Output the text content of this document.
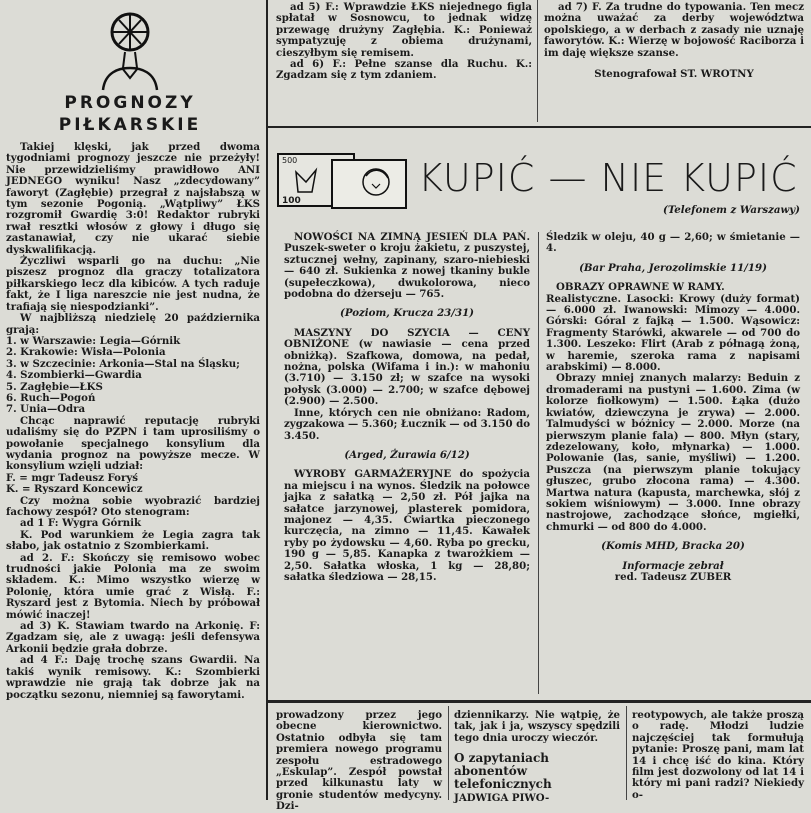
PROGNOZY
PIŁKARSKIE

Takiej klęski, jak przed dwoma tygodniami prognozy jeszcze nie przeżyły! Nie przewidzieliśmy prawidłowo ANI JEDNEGO wyniku! Nasz „zdecydowany” faworyt (Zagłębie) przegrał z najsłabszą w tym sezonie Pogonią. „Wątpliwy” ŁKS rozgromił Gwardię 3:0! Redaktor rubryki rwał resztki włosów z głowy i długo się zastanawiał, czy nie ukarać siebie dyskwalifikacją.

Życzliwi wsparli go na duchu: „Nie piszesz prognoz dla graczy totalizatora piłkarskiego lecz dla kibiców. A tych raduje fakt, że I liga nareszcie nie jest nudna, że trafiają się niespodzianki”.

W najbliższą niedzielę 20 października grają:

1. w Warszawie: Legia—Górnik

2. Krakowie: Wisła—Polonia

3. w Szczecinie: Arkonia—Stal na Śląsku;

4. Szombierki—Gwardia

5. Zagłębie—ŁKS

6. Ruch—Pogoń

7. Unia—Odra

Chcąc naprawić reputację rubryki udaliśmy się do PZPN i tam uprosiliśmy o powołanie specjalnego konsylium dla wydania prognoz na powyższe mecze. W konsylium wzięli udział:

F. = mgr Tadeusz Foryś

K. = Ryszard Koncewicz

Czy można sobie wyobrazić bardziej fachowy zespół? Oto stenogram:

ad 1 F: Wygra Górnik

K. Pod warunkiem że Legia zagra tak słabo, jak ostatnio z Szombierkami.

ad 2. F.: Skończy się remisowo wobec trudności jakie Polonia ma ze swoim składem. K.: Mimo wszystko wierzę w Polonię, która umie grać z Wisłą. F.: Ryszard jest z Bytomia. Niech by próbował mówić inaczej!

ad 3) K. Stawiam twardo na Arkonię. F: Zgadzam się, ale z uwagą: jeśli defensywa Arkonii będzie grała dobrze.

ad 4 F.: Daję trochę szans Gwardii. Na takiś wynik remisowy. K.: Szombierki wprawdzie nie grają tak dobrze jak na początku sezonu, niemniej są faworytami.

ad 5) F.: Wprawdzie ŁKS niejednego figla spłatał w Sosnowcu, to jednak widzę przewagę drużyny Zagłębia. K.: Ponieważ sympatyzuję z obiema drużynami, cieszyłbym się remisem.

ad 6) F.: Pełne szanse dla Ruchu. K.: Zgadzam się z tym zdaniem.

ad 7) F. Za trudne do typowania. Ten mecz można uważać za derby województwa opolskiego, a w derbach z zasady nie uznaję faworytów. K.: Wierzę w bojowość Raciborza i im daję większe szanse.

Stenografował ST. WROTNY

500
100
KUPIĆ — NIE KUPIĆ
(Telefonem z Warszawy)

NOWOŚCI NA ZIMNĄ JESIEŃ DLA PAŃ. Puszek-sweter o kroju żakietu, z puszystej, sztucznej wełny, zapinany, szaro-niebieski — 640 zł. Sukienka z nowej tkaniny bukle (supełeczkowa), dwukolorowa, nieco podobna do dżerseju — 765.

(Poziom, Krucza 23/31)

MASZYNY DO SZYCIA — CENY OBNIŻONE (w nawiasie — cena przed obniżką). Szafkowa, domowa, na pedał, nożna, polska (Wifama i in.): w mahoniu (3.710) — 3.150 zł; w szafce na wysoki połysk (3.000) — 2.700; w szafce dębowej (2.900) — 2.500.

Inne, których cen nie obniżano: Radom, zygzakowa — 5.360; Łucznik — od 3.150 do 3.450.

(Arged, Żurawia 6/12)

WYROBY GARMAŻERYJNE do spożycia na miejscu i na wynos. Śledzik na połowce jajka z sałatką — 2,50 zł. Pół jajka na sałatce jarzynowej, plasterek pomidora, majonez — 4,35. Ćwiartka pieczonego kurczęcia, na zimno — 11,45. Kawałek ryby po żydowsku — 4,60. Ryba po grecku, 190 g — 5,85. Kanapka z twarożkiem — 2,50. Sałatka włoska, 1 kg — 28,80; sałatka śledziowa — 28,15.

Śledzik w oleju, 40 g — 2,60; w śmietanie — 4.

(Bar Praha, Jerozolimskie 11/19)

OBRAZY OPRAWNE W RAMY.

Realistyczne. Lasocki: Krowy (duży format) — 6.000 zł. Iwanowski: Mimozy — 4.000. Górski: Góral z fajką — 1.500. Wąsowicz: Fragmenty Starówki, akwarele — od 700 do 1.300. Leszeko: Flirt (Arab z półnagą żoną, w haremie, szeroka rama z napisami arabskimi) — 8.000.

Obrazy mniej znanych malarzy: Beduin z dromaderami na pustyni — 1.600. Zima (w kolorze fiołkowym) — 1.500. Łąka (dużo kwiatów, dziewczyna je zrywa) — 2.000. Talmudyści w bóżnicy — 2.000. Morze (na pierwszym planie fala) — 800. Młyn (stary, zdezelowany, koło, młynarka) — 1.000. Polowanie (las, sanie, myśliwi) — 1.200. Puszcza (na pierwszym planie tokujący głuszec, grubo złocona rama) — 4.300. Martwa natura (kapusta, marchewka, słój z sokiem wiśniowym) — 3.000. Inne obrazy nastrojowe, zachodzące słońce, mgiełki, chmurki — od 800 do 4.000.

(Komis MHD, Bracka 20)

Informacje zebrał

red. Tadeusz ZUBER

prowadzony przez jego obecne kierownictwo. Ostatnio odbyła się tam premiera nowego programu zespołu estradowego „Eskulap”. Zespół powstał przed kilkunastu laty w gronie studentów medycyny. Dzi-

dziennikarzy. Nie wątpię, że tak, jak i ja, wszyscy spędzili tego dnia uroczy wieczór.

O zapytaniach abonentów telefonicznych

JADWIGA PIWO-

reotypowych, ale także proszą o radę. Młodzi ludzie najczęściej tak formułują pytanie: Proszę pani, mam lat 14 i chcę iść do kina. Który film jest dozwolony od lat 14 i który mi pani radzi? Niekiedy o-
